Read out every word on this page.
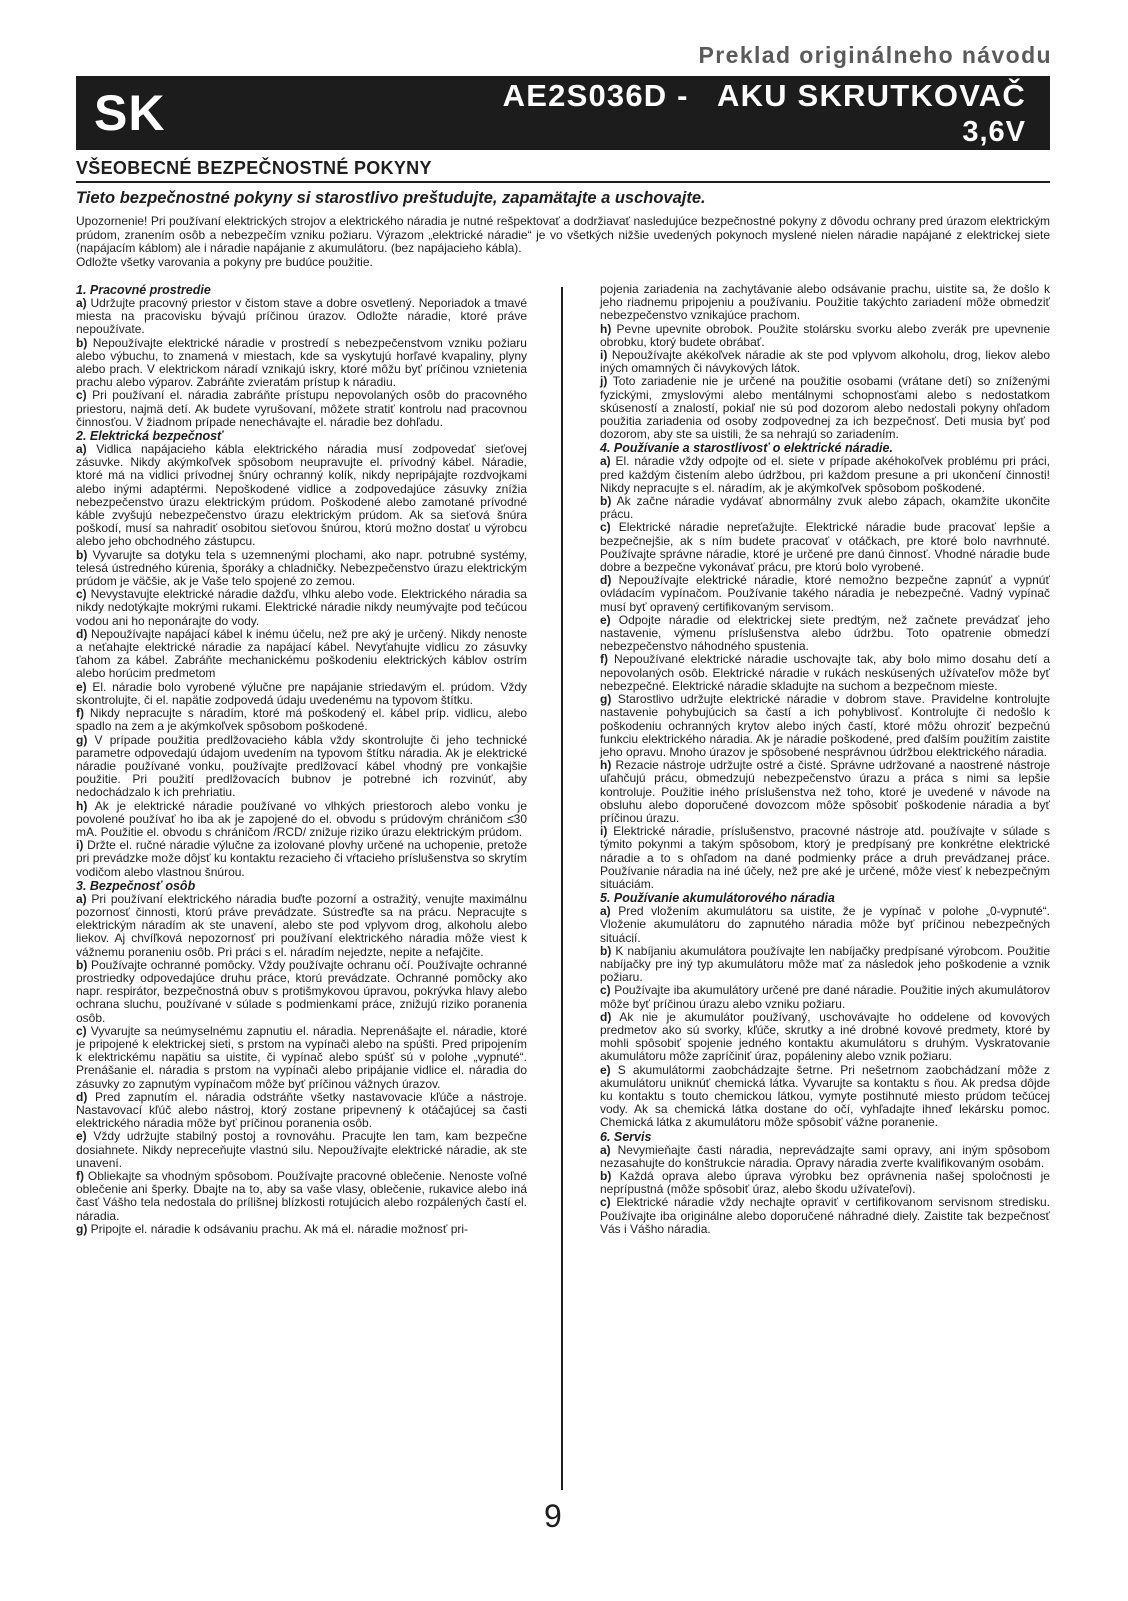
Preklad originálneho návodu
SK	AE2S036D -   AKU SKRUTKOVAČ
3,6V
VŠEOBECNÉ BEZPEČNOSTNÉ POKYNY
Tieto bezpečnostné pokyny si starostlivo preštudujte, zapamätajte a uschovajte.

Upozornenie! Pri používaní elektrických strojov a elektrického náradia je nutné rešpektovať a dodržiavať nasledujúce bezpečnostné pokyny z dôvodu ochrany pred úrazom elektrickým prúdom, zranením osôb a nebezpečím vzniku požiaru. Výrazom „elektrické náradie“ je vo všetkých nižšie uvedených pokynoch myslené nielen náradie napájané z elektrickej siete (napájacím káblom) ale i náradie napájanie z akumulátoru. (bez napájacieho kábla).

Odložte všetky varovania a pokyny pre budúce použitie.

1. Pracovné prostredie

a) Udržujte pracovný priestor v čistom stave a dobre osvetlený. Neporiadok a tmavé miesta na pracovisku bývajú príčinou úrazov. Odložte náradie, ktoré práve nepoužívate.

b) Nepoužívajte elektrické náradie v prostredí s nebezpečenstvom vzniku požiaru alebo výbuchu, to znamená v miestach, kde sa vyskytujú horľavé kvapaliny, plyny alebo prach. V elektrickom náradí vznikajú iskry, ktoré môžu byť príčinou vznietenia prachu alebo výparov. Zabráňte zvieratám prístup k náradiu.

c) Pri používaní el. náradia zabráňte prístupu nepovolaných osôb do pracovného priestoru, najmä detí. Ak budete vyrušovaní, môžete stratiť kontrolu nad pracovnou činnosťou. V žiadnom prípade nenechávajte el. náradie bez dohľadu.

2. Elektrická bezpečnosť

a) Vidlica napájacieho kábla elektrického náradia musí zodpovedať sieťovej zásuvke. Nikdy akýmkoľvek spôsobom neupravujte el. prívodný kábel. Náradie, ktoré má na vidlici prívodnej šnúry ochranný kolík, nikdy nepripájajte rozdvojkami alebo inými adaptérmi. Nepoškodené vidlice a zodpovedajúce zásuvky znížia nebezpečenstvo úrazu elektrickým prúdom. Poškodené alebo zamotané prívodné káble zvyšujú nebezpečenstvo úrazu elektrickým prúdom. Ak sa sieťová šnúra poškodí, musí sa nahradiť osobitou sieťovou šnúrou, ktorú možno dostať u výrobcu alebo jeho obchodného zástupcu.

b) Vyvarujte sa dotyku tela s uzemnenými plochami, ako napr. potrubné systémy, telesá ústredného kúrenia, šporáky a chladničky. Nebezpečenstvo úrazu elektrickým prúdom je väčšie, ak je Vaše telo spojené zo zemou.

c) Nevystavujte elektrické náradie dažďu, vlhku alebo vode. Elektrického náradia sa nikdy nedotýkajte mokrými rukami. Elektrické náradie nikdy neumývajte pod tečúcou vodou ani ho neponárajte do vody.

d) Nepoužívajte napájací kábel k inému účelu, než pre aký je určený. Nikdy nenoste a neťahajte elektrické náradie za napájací kábel. Nevyťahujte vidlicu zo zásuvky ťahom za kábel. Zabráňte mechanickému poškodeniu elektrických káblov ostrím alebo horúcim predmetom

e) El. náradie bolo vyrobené výlučne pre napájanie striedavým el. prúdom. Vždy skontrolujte, či el. napätie zodpovedá údaju uvedenému na typovom štítku.

f) Nikdy nepracujte s náradím, ktoré má poškodený el. kábel príp. vidlicu, alebo spadlo na zem a je akýmkoľvek spôsobom poškodené.

g) V prípade použitia predlžovacieho kábla vždy skontrolujte či jeho technické parametre odpovedajú údajom uvedením na typovom štítku náradia. Ak je elektrické náradie používané vonku, používajte predlžovací kábel vhodný pre vonkajšie použitie. Pri použití predlžovacích bubnov je potrebné ich rozvinúť, aby nedochádzalo k ich prehriatiu.

h) Ak je elektrické náradie používané vo vlhkých priestoroch alebo vonku je povolené používať ho iba ak je zapojené do el. obvodu s prúdovým chráničom ≤30 mA. Použitie el. obvodu s chráničom /RCD/ znižuje riziko úrazu elektrickým prúdom.

i) Držte el. ručné náradie výlučne za izolované plovhy určené na uchopenie, pretože pri prevádzke može dôjsť ku kontaktu rezacieho či vŕtacieho príslušenstva so skrytím vodičom alebo vlastnou šnúrou.

3. Bezpečnosť osôb

a) Pri používaní elektrického náradia buďte pozorní a ostražitý, venujte maximálnu pozornosť činnosti, ktorú práve prevádzate. Sústreďte sa na prácu. Nepracujte s elektrickým náradím ak ste unavení, alebo ste pod vplyvom drog, alkoholu alebo liekov. Aj chvíľková nepozornosť pri používaní elektrického náradia môže viest k vážnemu poraneniu osôb. Pri práci s el. náradím nejedzte, nepite a nefajčite.

b) Používajte ochranné pomôcky. Vždy používajte ochranu očí. Používajte ochranné prostriedky odpovedajúce druhu práce, ktorú prevádzate. Ochranné pomôcky ako napr. respirátor, bezpečnostná obuv s protišmykovou úpravou, pokrývka hlavy alebo ochrana sluchu, používané v súlade s podmienkami práce, znižujú riziko poranenia osôb.

c) Vyvarujte sa neúmyselnému zapnutiu el. náradia. Neprenášajte el. náradie, ktoré je pripojené k elektrickej sieti, s prstom na vypínači alebo na spúšti. Pred pripojením k elektrickému napätiu sa uistite, či vypínač alebo spúšť sú v polohe „vypnuté“. Prenášanie el. náradia s prstom na vypínači alebo pripájanie vidlice el. náradia do zásuvky zo zapnutým vypínačom môže byť príčinou vážnych úrazov.

d) Pred zapnutím el. náradia odstráňte všetky nastavovacie kľúče a nástroje. Nastavovací kľúč alebo nástroj, ktorý zostane pripevnený k otáčajúcej sa časti elektrického náradia môže byť príčinou poranenia osôb.

e) Vždy udržujte stabilný postoj a rovnováhu. Pracujte len tam, kam bezpečne dosiahnete. Nikdy nepreceňujte vlastnú silu. Nepoužívajte elektrické náradie, ak ste unavení.

f) Obliekajte sa vhodným spôsobom. Používajte pracovné oblečenie. Nenoste voľné oblečenie ani šperky. Dbajte na to, aby sa vaše vlasy, oblečenie, rukavice alebo iná časť Vášho tela nedostala do prílišnej blízkosti rotujúcich alebo rozpálených častí el. náradia.

g) Pripojte el. náradie k odsávaniu prachu. Ak má el. náradie možnosť pri-

pojenia zariadenia na zachytávanie alebo odsávanie prachu, uistite sa, že došlo k jeho riadnemu pripojeniu a používaniu. Použitie takýchto zariadení môže obmedziť nebezpečenstvo vznikajúce prachom.

h) Pevne upevnite obrobok. Použite stolársku svorku alebo zverák pre upevnenie obrobku, ktorý budete obrábať.

i) Nepoužívajte akékoľvek náradie ak ste pod vplyvom alkoholu, drog, liekov alebo iných omamných či návykových látok.

j) Toto zariadenie nie je určené na použitie osobami (vrátane detí) so zníženými fyzickými, zmyslovými alebo mentálnymi schopnosťami alebo s nedostatkom skúseností a znalostí, pokiaľ nie sú pod dozorom alebo nedostali pokyny ohľadom použitia zariadenia od osoby zodpovednej za ich bezpečnosť. Deti musia byť pod dozorom, aby ste sa uistili, že sa nehrajú so zariadením.

4. Používanie a starostlivosť o elektrické náradie.

a) El. náradie vždy odpojte od el. siete v prípade akéhokoľvek problému pri práci, pred každým čistením alebo údržbou, pri každom presune a pri ukončení činnosti! Nikdy nepracujte s el. náradím, ak je akýmkoľvek spôsobom poškodené.

b) Ak začne náradie vydávať abnormálny zvuk alebo zápach, okamžite ukončite prácu.

c) Elektrické náradie nepreťažujte. Elektrické náradie bude pracovať lepšie a bezpečnejšie, ak s ním budete pracovať v otáčkach, pre ktoré bolo navrhnuté. Používajte správne náradie, ktoré je určené pre danú činnosť. Vhodné náradie bude dobre a bezpečne vykonávať prácu, pre ktorú bolo vyrobené.

d) Nepoužívajte elektrické náradie, ktoré nemožno bezpečne zapnúť a vypnúť ovládacím vypínačom. Používanie takého náradia je nebezpečné. Vadný vypínač musí byť opravený certifikovaným servisom.

e) Odpojte náradie od elektrickej siete predtým, než začnete prevádzať jeho nastavenie, výmenu príslušenstva alebo údržbu. Toto opatrenie obmedzí nebezpečenstvo náhodného spustenia.

f) Nepoužívané elektrické náradie uschovajte tak, aby bolo mimo dosahu detí a nepovolaných osôb. Elektrické náradie v rukách neskúsených užívateľov môže byť nebezpečné. Elektrické náradie skladujte na suchom a bezpečnom mieste.

g) Starostlivo udržujte elektrické náradie v dobrom stave. Pravidelne kontrolujte nastavenie pohybujúcich sa častí a ich pohyblivosť. Kontrolujte či nedošlo k poškodeniu ochranných krytov alebo iných častí, ktoré môžu ohroziť bezpečnú funkciu elektrického náradia. Ak je náradie poškodené, pred ďalším použitím zaistite jeho opravu. Mnoho úrazov je spôsobené nesprávnou údržbou elektrického náradia.

h) Rezacie nástroje udržujte ostré a čisté. Správne udržované a naostrené nástroje uľahčujú prácu, obmedzujú nebezpečenstvo úrazu a práca s nimi sa lepšie kontroluje. Použitie iného príslušenstva než toho, ktoré je uvedené v návode na obsluhu alebo doporučené dovozcom môže spôsobiť poškodenie náradia a byť príčinou úrazu.

i) Elektrické náradie, príslušenstvo, pracovné nástroje atd. používajte v súlade s týmito pokynmi a takým spôsobom, ktorý je predpísaný pre konkrétne elektrické náradie a to s ohľadom na dané podmienky práce a druh prevádzanej práce. Používanie náradia na iné účely, než pre aké je určené, môže viesť k nebezpečným situáciám.

5. Používanie akumulátorového náradia

a) Pred vložením akumulátoru sa uistite, že je vypínač v polohe „0-vypnuté“. Vloženie akumulátoru do zapnutého náradia môže byť príčinou nebezpečných situácií.

b) K nabíjaniu akumulátora používajte len nabíjačky predpísané výrobcom. Použitie nabíjačky pre iný typ akumulátoru môže mať za následok jeho poškodenie a vznik požiaru.

c) Používajte iba akumulátory určené pre dané náradie. Použitie iných akumulátorov môže byť príčinou úrazu alebo vzniku požiaru.

d) Ak nie je akumulátor používaný, uschovávajte ho oddelene od kovových predmetov ako sú svorky, kľúče, skrutky a iné drobné kovové predmety, ktoré by mohli spôsobiť spojenie jedného kontaktu akumulátoru s druhým. Vyskratovanie akumulátoru môže zapríčiniť úraz, popáleniny alebo vznik požiaru.

e) S akumulátormi zaobchádzajte šetrne. Pri nešetrnom zaobchádzaní môže z akumulátoru uniknúť chemická látka. Vyvarujte sa kontaktu s ňou. Ak predsa dôjde ku kontaktu s touto chemickou látkou, vymyte postihnuté miesto prúdom tečúcej vody. Ak sa chemická látka dostane do očí, vyhľadajte ihneď lekársku pomoc. Chemická látka z akumulátoru môže spôsobiť vážne poranenie.

6. Servis

a) Nevymieňajte časti náradia, neprevádzajte sami opravy, ani iným spôsobom nezasahujte do konštrukcie náradia. Opravy náradia zverte kvalifikovaným osobám.

b) Každá oprava alebo úprava výrobku bez oprávnenia našej spoločnosti je neprípustná (môže spôsobiť úraz, alebo škodu užívateľovi).

c) Elektrické náradie vždy nechajte opraviť v certifikovanom servisnom stredisku. Používajte iba originálne alebo doporučené náhradné diely. Zaistite tak bezpečnosť Vás i Vášho náradia.

9
